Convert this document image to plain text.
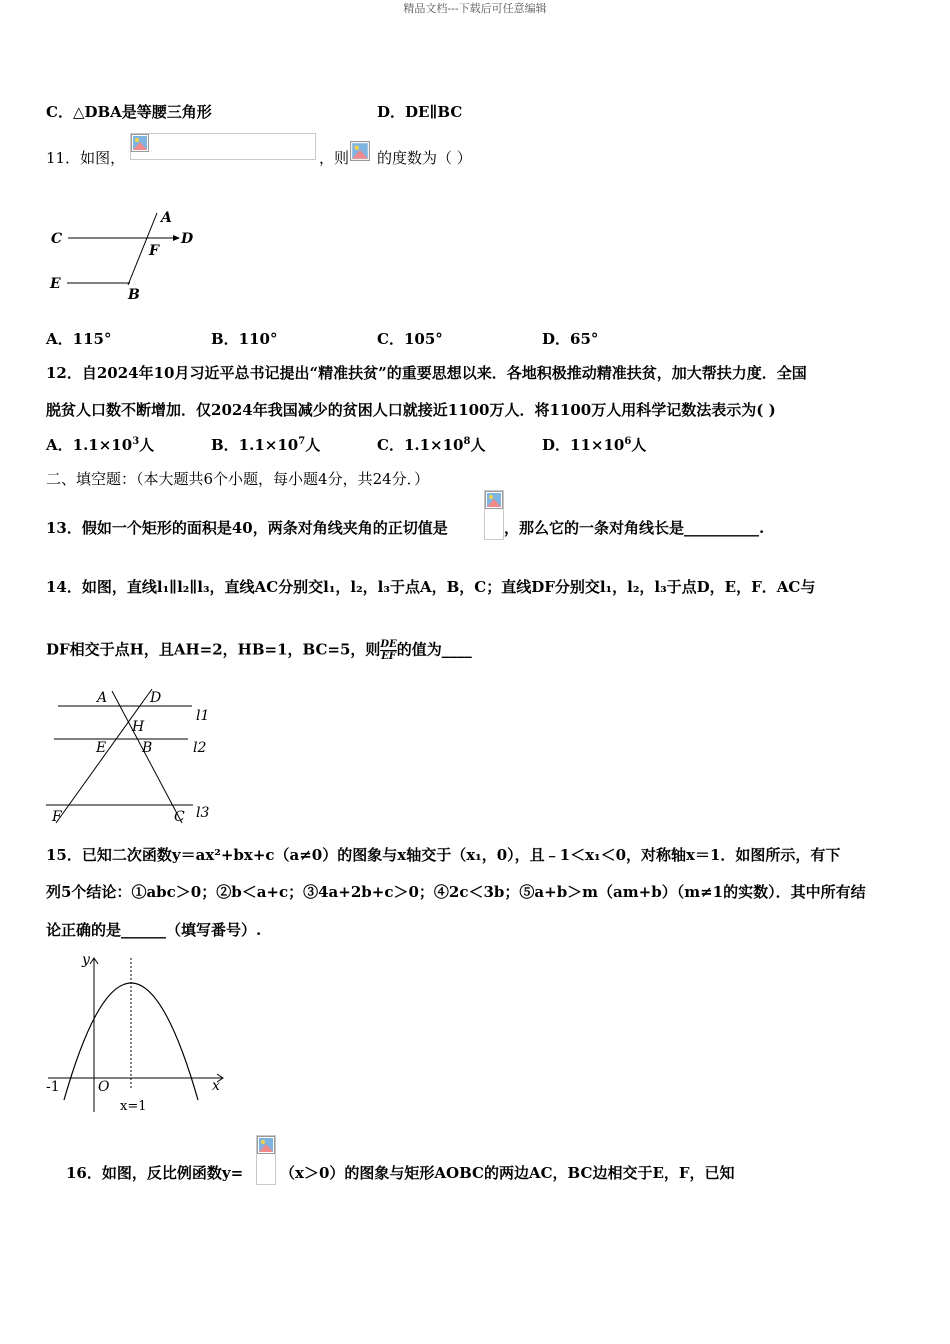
精品文档---下载后可任意编辑
C．△DBA是等腰三角形	D．DE∥BC
11．如图，	，则 的度数为（ ）
C
A
D
F
E
B
A．115°	B．110°	C．105°	D．65°
12．自2024年10月习近平总书记提出“精准扶贫”的重要思想以来．各地积极推动精准扶贫，加大帮扶力度．全国
脱贫人口数不断增加．仅2024年我国减少的贫困人口就接近1100万人．将1100万人用科学记数法表示为( )
A．$1.1\times 10^3$人	B．$1.1\times 10^7$人	C．$1.1\times 10^8$人	D．$11\times 10^6$人
二、填空题：（本大题共6个小题，每小题4分，共24分．）
13．假如一个矩形的面积是40，两条对角线夹角的正切值是	，那么它的一条对角线长是__________.
14．如图，直线l₁∥l₂∥l₃，直线AC分别交l₁，l₂，l₃于点A，B，C；直线DF分别交l₁，l₂，l₃于点D，E，F．AC与
DF相交于点H，且AH=2，HB=1，BC=5，则 $\frac{DE}{EF}$ 的值为____
A	D
H
E	B
F	C
l1
l2
l3
15．已知二次函数y＝ax²+bx+c（a≠0）的图象与x轴交于（x₁，0），且﹣1＜x₁＜0，对称轴x＝1．如图所示，有下
列5个结论：①abc＞0；②b＜a+c；③4a+2b+c＞0；④2c＜3b；⑤a+b＞m（am+b）（m≠1的实数）．其中所有结
论正确的是______（填写番号）.
y
x
O
-1
x=1
16．如图，反比例函数y= （x＞0）的图象与矩形AOBC的两边AC，BC边相交于E，F，已知
